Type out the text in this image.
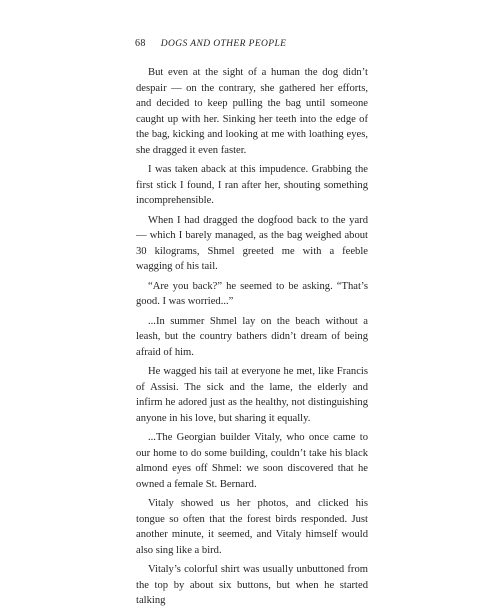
68 DOGS AND OTHER PEOPLE

But even at the sight of a human the dog didn’t despair — on the contrary, she gathered her efforts, and decided to keep pulling the bag until someone caught up with her. Sinking her teeth into the edge of the bag, kicking and looking at me with loathing eyes, she dragged it even faster.

I was taken aback at this impudence. Grabbing the first stick I found, I ran after her, shouting something incomprehensible.

When I had dragged the dogfood back to the yard — which I barely managed, as the bag weighed about 30 kilograms, Shmel greeted me with a feeble wagging of his tail.

“Are you back?” he seemed to be asking. “That’s good. I was worried...”

...In summer Shmel lay on the beach without a leash, but the country bathers didn’t dream of being afraid of him.

He wagged his tail at everyone he met, like Francis of Assisi. The sick and the lame, the elderly and infirm he adored just as the healthy, not distinguishing anyone in his love, but sharing it equally.

...The Georgian builder Vitaly, who once came to our home to do some building, couldn’t take his black almond eyes off Shmel: we soon discovered that he owned a female St. Bernard.

Vitaly showed us her photos, and clicked his tongue so often that the forest birds responded. Just another minute, it seemed, and Vitaly himself would also sing like a bird.

Vitaly’s colorful shirt was usually unbuttoned from the top by about six buttons, but when he started talking
